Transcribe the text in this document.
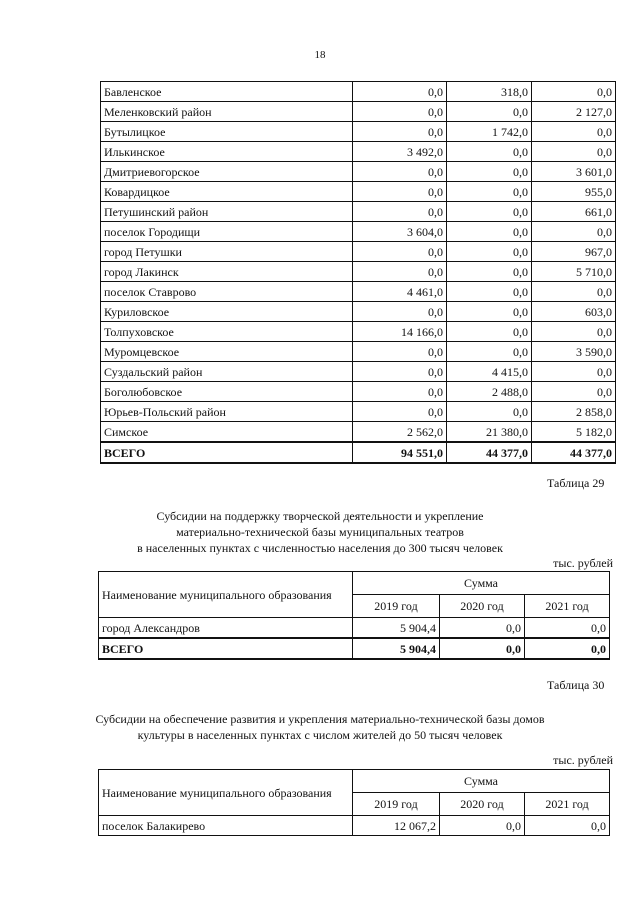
18
Бавленское	0,0	318,0	0,0
Меленковский район	0,0	0,0	2 127,0
Бутылицкое	0,0	1 742,0	0,0
Илькинское	3 492,0	0,0	0,0
Дмитриевогорское	0,0	0,0	3 601,0
Ковардицкое	0,0	0,0	955,0
Петушинский район	0,0	0,0	661,0
поселок Городищи	3 604,0	0,0	0,0
город Петушки	0,0	0,0	967,0
город Лакинск	0,0	0,0	5 710,0
поселок Ставрово	4 461,0	0,0	0,0
Куриловское	0,0	0,0	603,0
Толпуховское	14 166,0	0,0	0,0
Муромцевское	0,0	0,0	3 590,0
Суздальский район	0,0	4 415,0	0,0
Боголюбовское	0,0	2 488,0	0,0
Юрьев-Польский район	0,0	0,0	2 858,0
Симское	2 562,0	21 380,0	5 182,0
ВСЕГО	94 551,0	44 377,0	44 377,0
Таблица 29
Субсидии на поддержку творческой деятельности и укрепление
материально-технической базы муниципальных театров
в населенных пунктах с численностью населения до 300 тысяч человек
тыс. рублей
Наименование муниципального образования	Сумма		
	2019 год	2020 год	2021 год
город Александров	5 904,4	0,0	0,0
ВСЕГО	5 904,4	0,0	0,0
Таблица 30
Субсидии на обеспечение развития и укрепления материально-технической базы домов
культуры в населенных пунктах с числом жителей до 50 тысяч человек
тыс. рублей
Наименование муниципального образования	Сумма		
	2019 год	2020 год	2021 год
поселок Балакирево	12 067,2	0,0	0,0
